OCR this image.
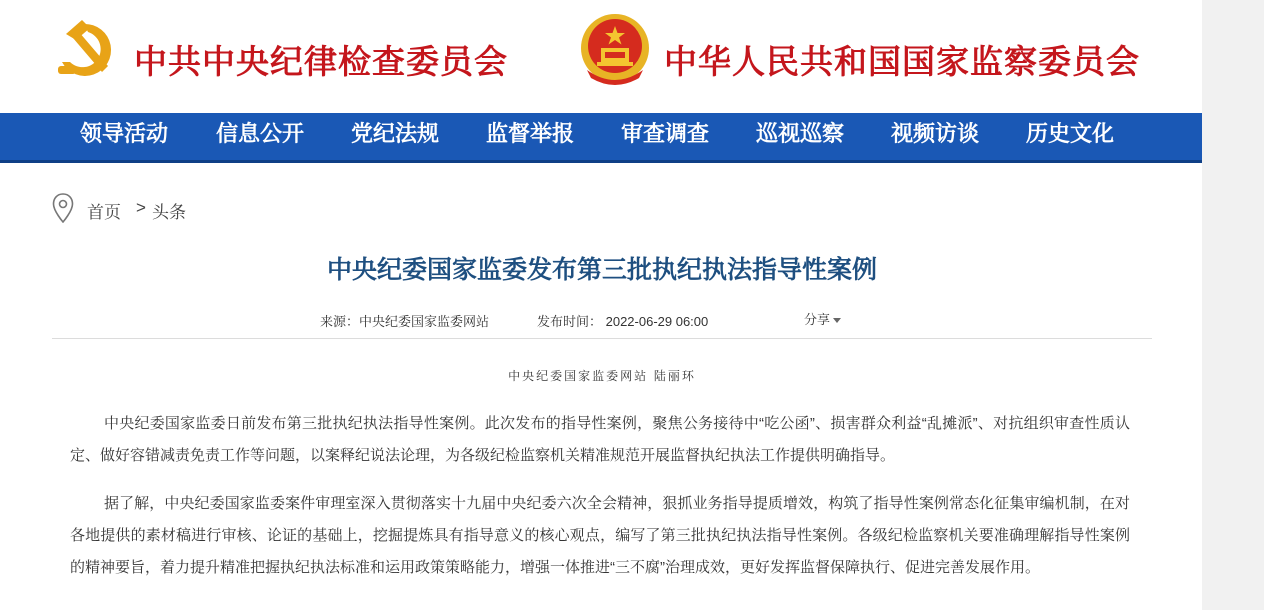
中共中央纪律检查委员会	中华人民共和国国家监察委员会
领导活动 信息公开 党纪法规 监督举报 审查调查 巡视巡察 视频访谈 历史文化
首页 > 头条
中央纪委国家监委发布第三批执纪执法指导性案例
来源：中央纪委国家监委网站	发布时间： 2022-06-29 06:00	分享
中央纪委国家监委网站 陆丽环

中央纪委国家监委日前发布第三批执纪执法指导性案例。此次发布的指导性案例，聚焦公务接待中“吃公函”、损害群众利益“乱摊派”、对抗组织审查性质认定、做好容错减责免责工作等问题，以案释纪说法论理，为各级纪检监察机关精准规范开展监督执纪执法工作提供明确指导。

据了解，中央纪委国家监委案件审理室深入贯彻落实十九届中央纪委六次全会精神，狠抓业务指导提质增效，构筑了指导性案例常态化征集审编机制，在对各地提供的素材稿进行审核、论证的基础上，挖掘提炼具有指导意义的核心观点，编写了第三批执纪执法指导性案例。各级纪检监察机关要准确理解指导性案例的精神要旨，着力提升精准把握执纪执法标准和运用政策策略能力，增强一体推进“三不腐”治理成效，更好发挥监督保障执行、促进完善发展作用。
